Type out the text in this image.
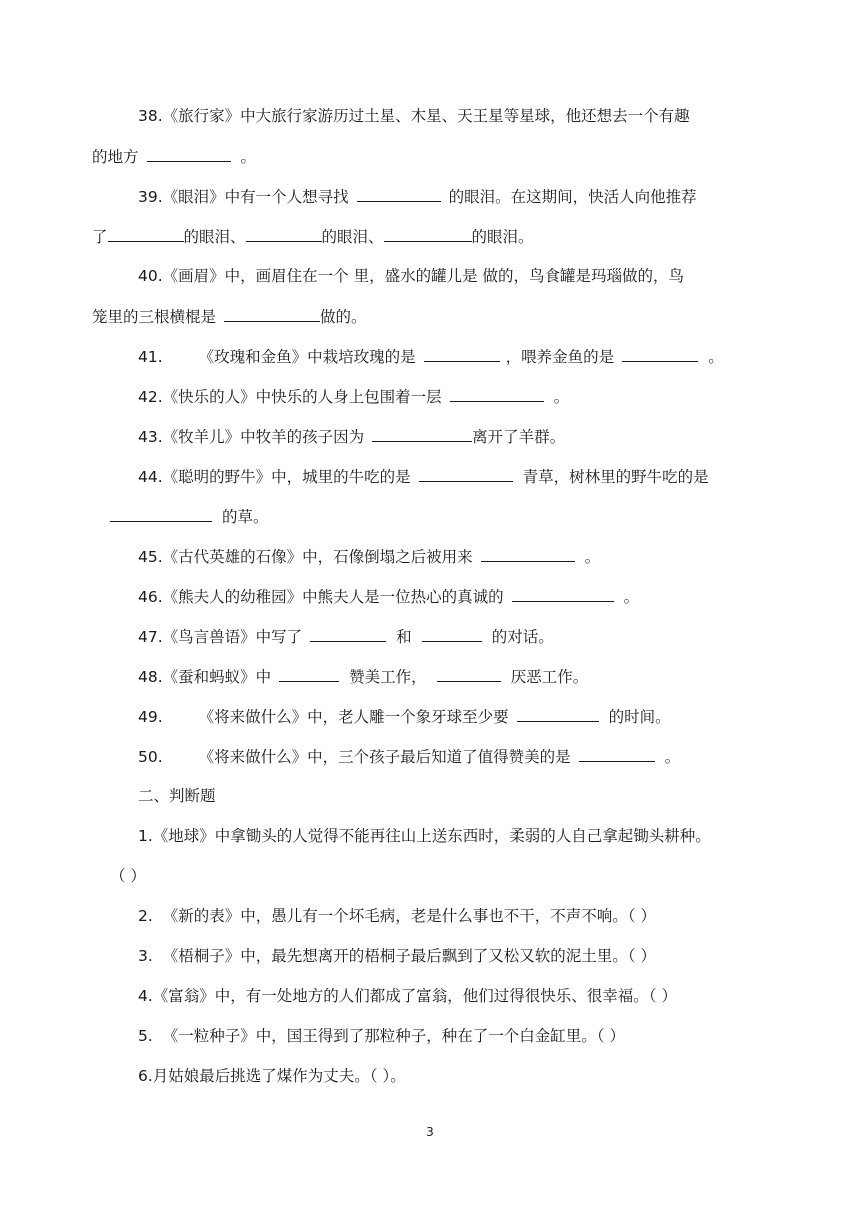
38.《旅行家》中大旅行家游历过土星、木星、天王星等星球，他还想去一个有趣
的地方	。
39.《眼泪》中有一个人想寻找	的眼泪。在这期间，快活人向他推荐
了	的眼泪、	的眼泪、	的眼泪。
40.《画眉》中，画眉住在一个 里，盛水的罐儿是 做的，鸟食罐是玛瑙做的，鸟
笼里的三根横棍是	做的。
41. 《玫瑰和金鱼》中栽培玫瑰的是	，喂养金鱼的是	。
42.《快乐的人》中快乐的人身上包围着一层	。
43.《牧羊儿》中牧羊的孩子因为	离开了羊群。
44.《聪明的野牛》中，城里的牛吃的是	青草，树林里的野牛吃的是
的草。
45.《古代英雄的石像》中，石像倒塌之后被用来	。
46.《熊夫人的幼稚园》中熊夫人是一位热心的真诚的	。
47.《鸟言兽语》中写了	和	的对话。
48.《蚕和蚂蚁》中	赞美工作，	厌恶工作。
49. 《将来做什么》中，老人雕一个象牙球至少要	的时间。
50. 《将来做什么》中，三个孩子最后知道了值得赞美的是	。
二、判断题
1.《地球》中拿锄头的人觉得不能再往山上送东西时，柔弱的人自己拿起锄头耕种。
（ ）
2. 《新的表》中，愚儿有一个坏毛病，老是什么事也不干，不声不响。（ ）
3. 《梧桐子》中，最先想离开的梧桐子最后飘到了又松又软的泥土里。（ ）
4.《富翁》中，有一处地方的人们都成了富翁，他们过得很快乐、很幸福。（ ）
5. 《一粒种子》中，国王得到了那粒种子，种在了一个白金缸里。（ ）
6.月姑娘最后挑选了煤作为丈夫。（ ）。
3
